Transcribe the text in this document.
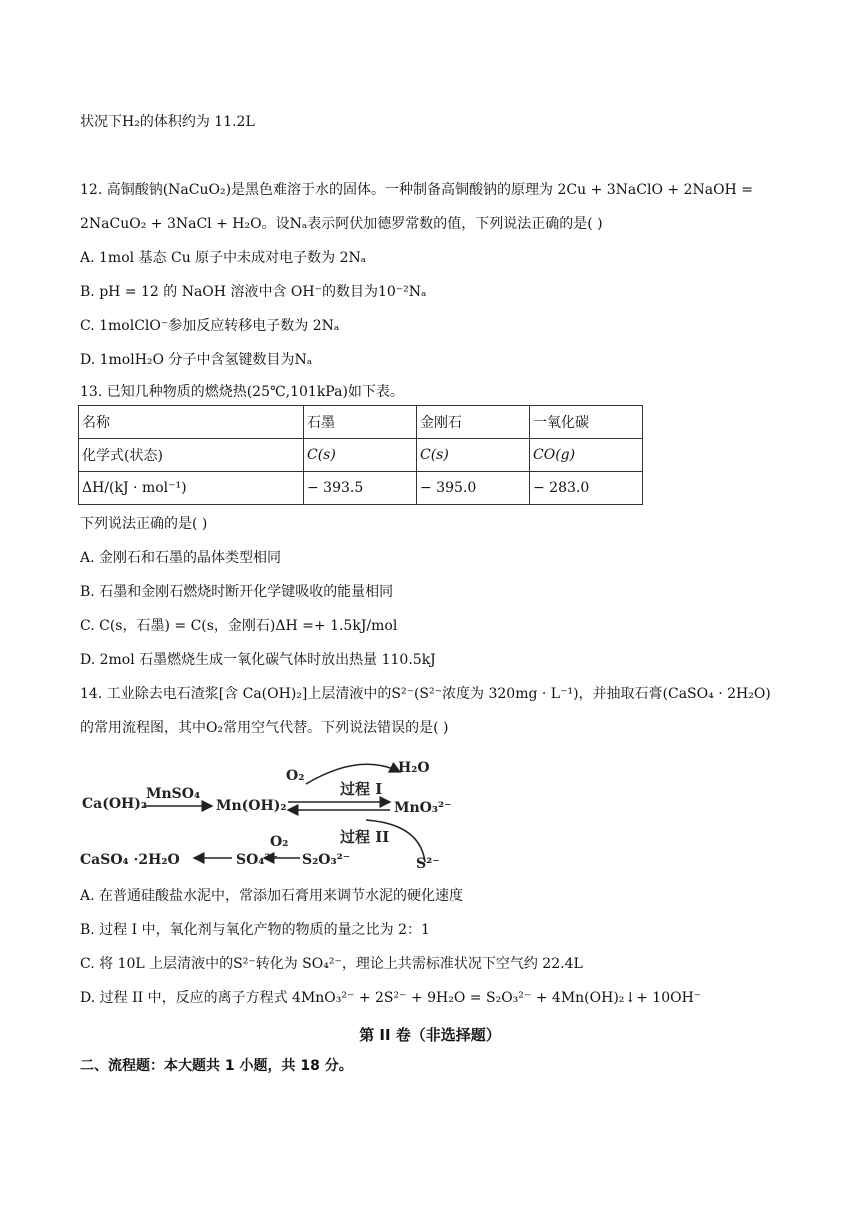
状况下H₂的体积约为 11.2L
12. 高铜酸钠(NaCuO₂)是黑色难溶于水的固体。一种制备高铜酸钠的原理为 2Cu + 3NaClO + 2NaOH =
2NaCuO₂ + 3NaCl + H₂O。设Nₐ表示阿伏加德罗常数的值，下列说法正确的是( )
A. 1mol 基态 Cu 原子中未成对电子数为 2Nₐ
B. pH = 12 的 NaOH 溶液中含 OH⁻的数目为10⁻²Nₐ
C. 1molClO⁻参加反应转移电子数为 2Nₐ
D. 1molH₂O 分子中含氢键数目为Nₐ
13. 已知几种物质的燃烧热(25℃,101kPa)如下表。
名称	石墨	金刚石	一氧化碳
化学式(状态)	C(s)	C(s)	CO(g)
ΔH/(kJ · mol⁻¹)	− 393.5	− 395.0	− 283.0
下列说法正确的是( )
A. 金刚石和石墨的晶体类型相同
B. 石墨和金刚石燃烧时断开化学键吸收的能量相同
C. C(s，石墨) = C(s，金刚石)ΔH =+ 1.5kJ/mol
D. 2mol 石墨燃烧生成一氧化碳气体时放出热量 110.5kJ
14. 工业除去电石渣浆[含 Ca(OH)₂]上层清液中的S²⁻(S²⁻浓度为 320mg · L⁻¹)，并抽取石膏(CaSO₄ · 2H₂O)
的常用流程图，其中O₂常用空气代替。下列说法错误的是( )
Ca(OH)₂
MnSO₄
Mn(OH)₂
O₂
过程 I
H₂O
MnO₃²⁻
过程 II
CaSO₄ ·2H₂O	SO₄²⁻
O₂
S₂O₃²⁻	S²⁻
A. 在普通硅酸盐水泥中，常添加石膏用来调节水泥的硬化速度
B. 过程 I 中，氧化剂与氧化产物的物质的量之比为 2：1
C. 将 10L 上层清液中的S²⁻转化为 SO₄²⁻，理论上共需标准状况下空气约 22.4L
D. 过程 II 中，反应的离子方程式 4MnO₃²⁻ + 2S²⁻ + 9H₂O = S₂O₃²⁻ + 4Mn(OH)₂↓+ 10OH⁻
第 II 卷（非选择题）
二、流程题：本大题共 1 小题，共 18 分。
